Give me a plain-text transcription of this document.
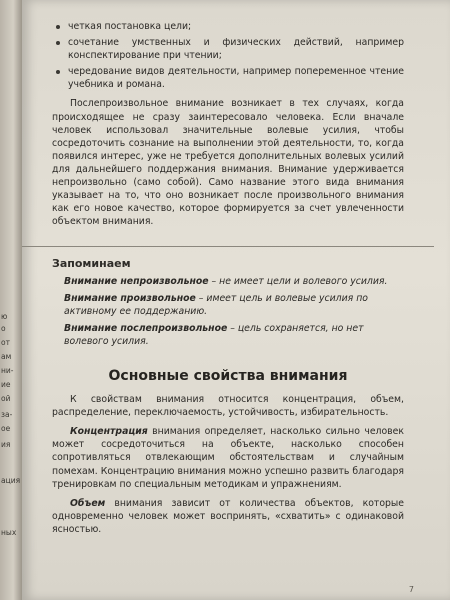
ю
о
от
ам
ни-
ие
ой
за-
ое
ия
ация
ных
четкая постановка цели;
сочетание умственных и физических действий, например конспектирование при чтении;
чередование видов деятельности, например попеременное чтение учебника и романа.

Послепроизвольное внимание возникает в тех случаях, когда происходящее не сразу заинтересовало человека. Если вначале человек использовал значительные волевые усилия, чтобы сосредоточить сознание на выполнении этой деятельности, то, когда появился интерес, уже не требуется дополнительных волевых усилий для дальнейшего поддержания внимания. Внимание удерживается непроизвольно (само собой). Само название этого вида внимания указывает на то, что оно возникает после произвольного внимания как его новое качество, которое формируется за счет увлеченности объектом внимания.

Запоминаем

Внимание непроизвольное – не имеет цели и волевого усилия.

Внимание произвольное – имеет цель и волевые усилия по активному ее поддержанию.

Внимание послепроизвольное – цель сохраняется, но нет волевого усилия.

Основные свойства внимания

К свойствам внимания относится концентрация, объем, распределение, переключаемость, устойчивость, избирательность.

Концентрация внимания определяет, насколько сильно человек может сосредоточиться на объекте, насколько способен сопротивляться отвлекающим обстоятельствам и случайным помехам. Концентрацию внимания можно успешно развить благодаря тренировкам по специальным методикам и упражнениям.

Объем внимания зависит от количества объектов, которые одновременно человек может воспринять, «схватить» с одинаковой ясностью.

7
